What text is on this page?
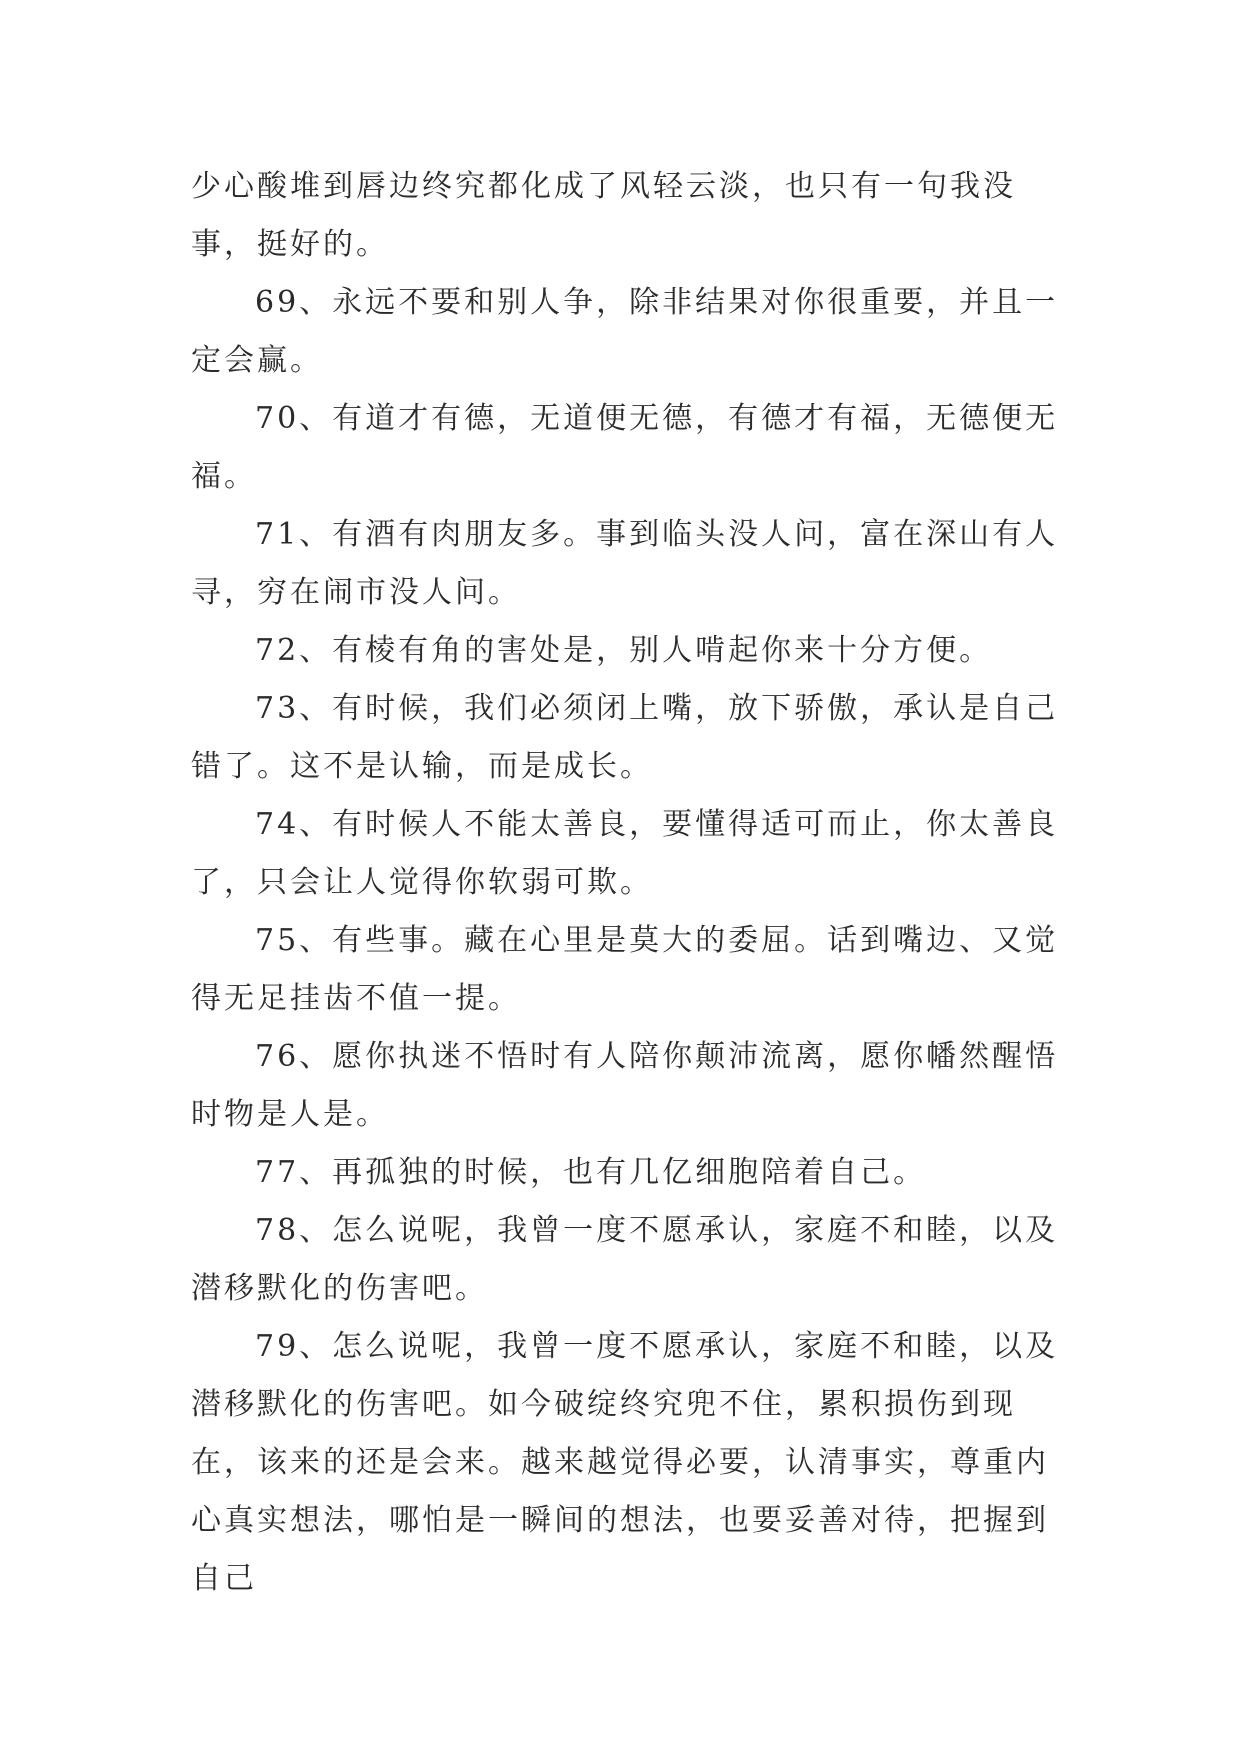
少心酸堆到唇边终究都化成了风轻云淡，也只有一句我没事，挺好的。

69、永远不要和别人争，除非结果对你很重要，并且一定会赢。

70、有道才有德，无道便无德，有德才有福，无德便无福。

71、有酒有肉朋友多。事到临头没人问，富在深山有人寻，穷在闹市没人问。

72、有棱有角的害处是，别人啃起你来十分方便。

73、有时候，我们必须闭上嘴，放下骄傲，承认是自己错了。这不是认输，而是成长。

74、有时候人不能太善良，要懂得适可而止，你太善良了，只会让人觉得你软弱可欺。

75、有些事。藏在心里是莫大的委屈。话到嘴边、又觉得无足挂齿不值一提。

76、愿你执迷不悟时有人陪你颠沛流离，愿你幡然醒悟时物是人是。

77、再孤独的时候，也有几亿细胞陪着自己。

78、怎么说呢，我曾一度不愿承认，家庭不和睦，以及潜移默化的伤害吧。

79、怎么说呢，我曾一度不愿承认，家庭不和睦，以及潜移默化的伤害吧。如今破绽终究兜不住，累积损伤到现在，该来的还是会来。越来越觉得必要，认清事实，尊重内心真实想法，哪怕是一瞬间的想法，也要妥善对待，把握到自己
